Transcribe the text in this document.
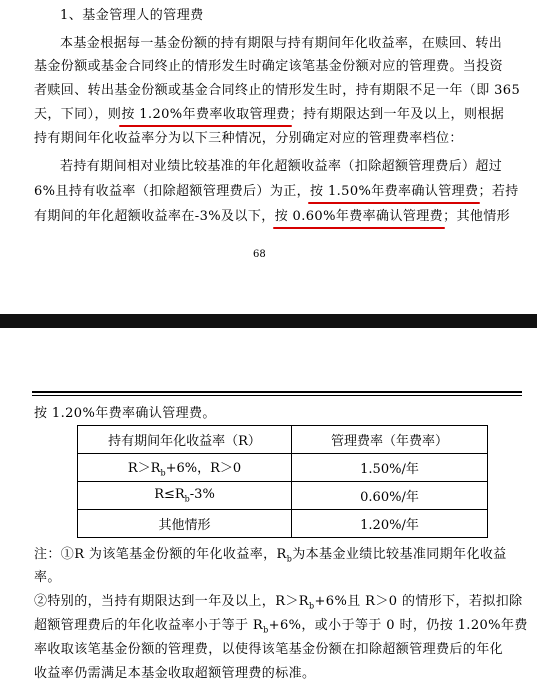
1、基金管理人的管理费
本基金根据每一基金份额的持有期限与持有期间年化收益率，在赎回、转出
基金份额或基金合同终止的情形发生时确定该笔基金份额对应的管理费。当投资
者赎回、转出基金份额或基金合同终止的情形发生时，持有期限不足一年（即 365
天，下同），则按 1.20%年费率收取管理费
；持有期限达到一年及以上，则根据
持有期间年化收益率分为以下三种情况，分别确定对应的管理费率档位：
若持有期间相对业绩比较基准的年化超额收益率（扣除超额管理费后）超过
6%且持有收益率（扣除超额管理费后）为正，按 1.50%年费率确认管理费
；若持
有期间的年化超额收益率在-3%及以下，按 0.60%年费率确认管理费
；其他情形
68
按 1.20%年费率确认管理费。
持有期间年化收益率（R）	管理费率（年费率）
$R>R_b+6\%$，R＞0	1.50%/年
$R\le R_b-3\%$	0.60%/年
其他情形	1.20%/年
注：①R 为该笔基金份额的年化收益率，$R_b$为本基金业绩比较基准同期年化收益
率。
②特别的，当持有期限达到一年及以上，$R>R_b+6\%$且 R＞0 的情形下，若拟扣除
超额管理费后的年化收益率小于等于 $R_b+6\%$，或小于等于 0 时，仍按 1.20%年费
率收取该笔基金份额的管理费，以使得该笔基金份额在扣除超额管理费后的年化
收益率仍需满足本基金收取超额管理费的标准。
